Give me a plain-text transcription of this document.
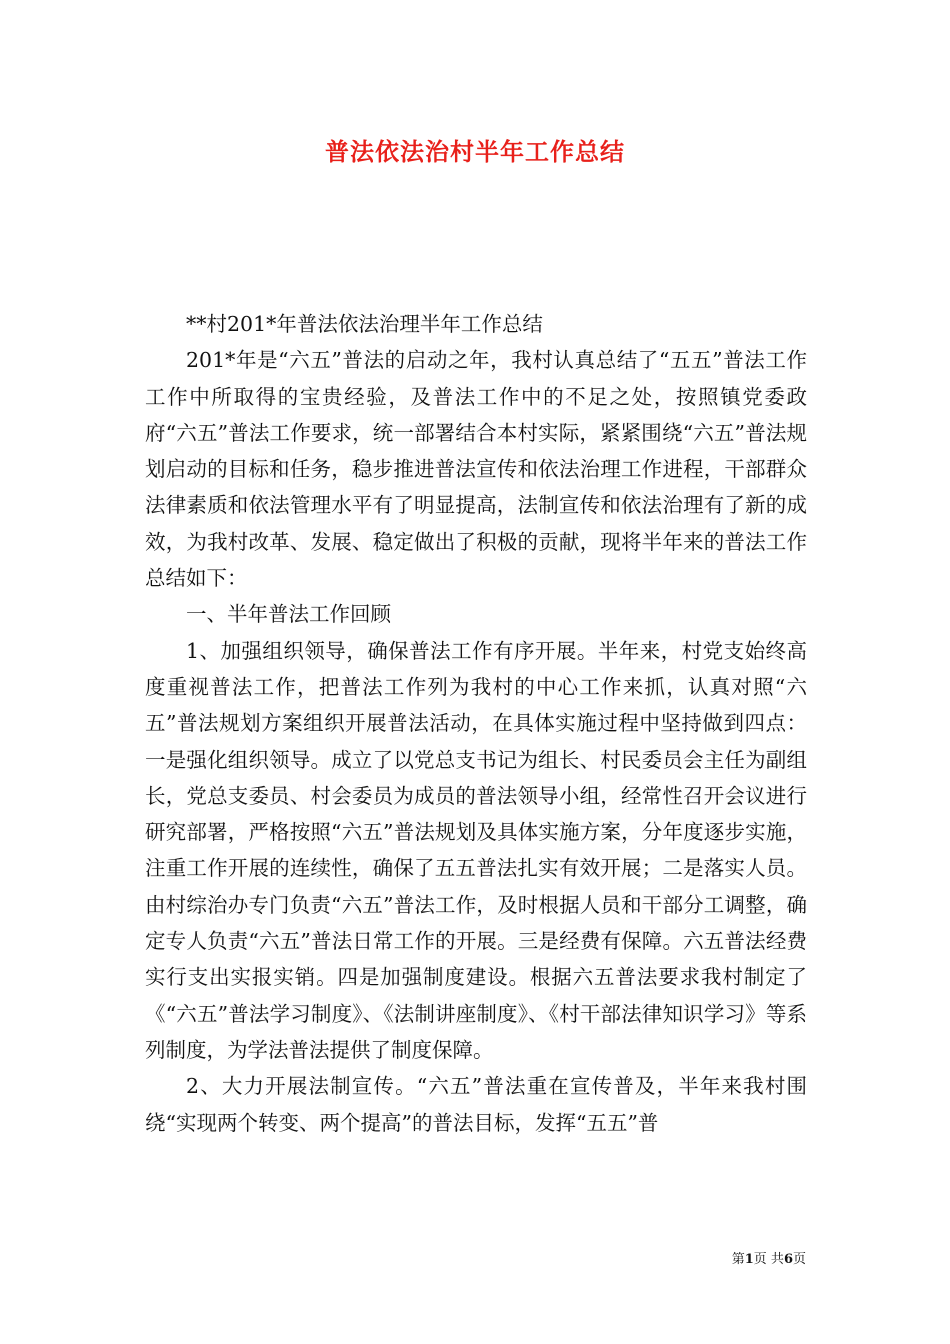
普法依法治村半年工作总结

**村201*年普法依法治理半年工作总结

201*年是“六五”普法的启动之年，我村认真总结了“五五”普法工作工作中所取得的宝贵经验，及普法工作中的不足之处，按照镇党委政府“六五”普法工作要求，统一部署结合本村实际，紧紧围绕“六五”普法规划启动的目标和任务，稳步推进普法宣传和依法治理工作进程，干部群众法律素质和依法管理水平有了明显提高，法制宣传和依法治理有了新的成效，为我村改革、发展、稳定做出了积极的贡献，现将半年来的普法工作总结如下：

一、半年普法工作回顾

1、加强组织领导，确保普法工作有序开展。半年来，村党支始终高度重视普法工作，把普法工作列为我村的中心工作来抓，认真对照“六五”普法规划方案组织开展普法活动，在具体实施过程中坚持做到四点：一是强化组织领导。成立了以党总支书记为组长、村民委员会主任为副组长，党总支委员、村会委员为成员的普法领导小组，经常性召开会议进行研究部署，严格按照“六五”普法规划及具体实施方案，分年度逐步实施，注重工作开展的连续性，确保了五五普法扎实有效开展；二是落实人员。由村综治办专门负责“六五”普法工作，及时根据人员和干部分工调整，确定专人负责“六五”普法日常工作的开展。三是经费有保障。六五普法经费实行支出实报实销。四是加强制度建设。根据六五普法要求我村制定了《“六五”普法学习制度》、《法制讲座制度》、《村干部法律知识学习》等系列制度，为学法普法提供了制度保障。

2、大力开展法制宣传。“六五”普法重在宣传普及，半年来我村围绕“实现两个转变、两个提高”的普法目标，发挥“五五”普

第1页 共6页
